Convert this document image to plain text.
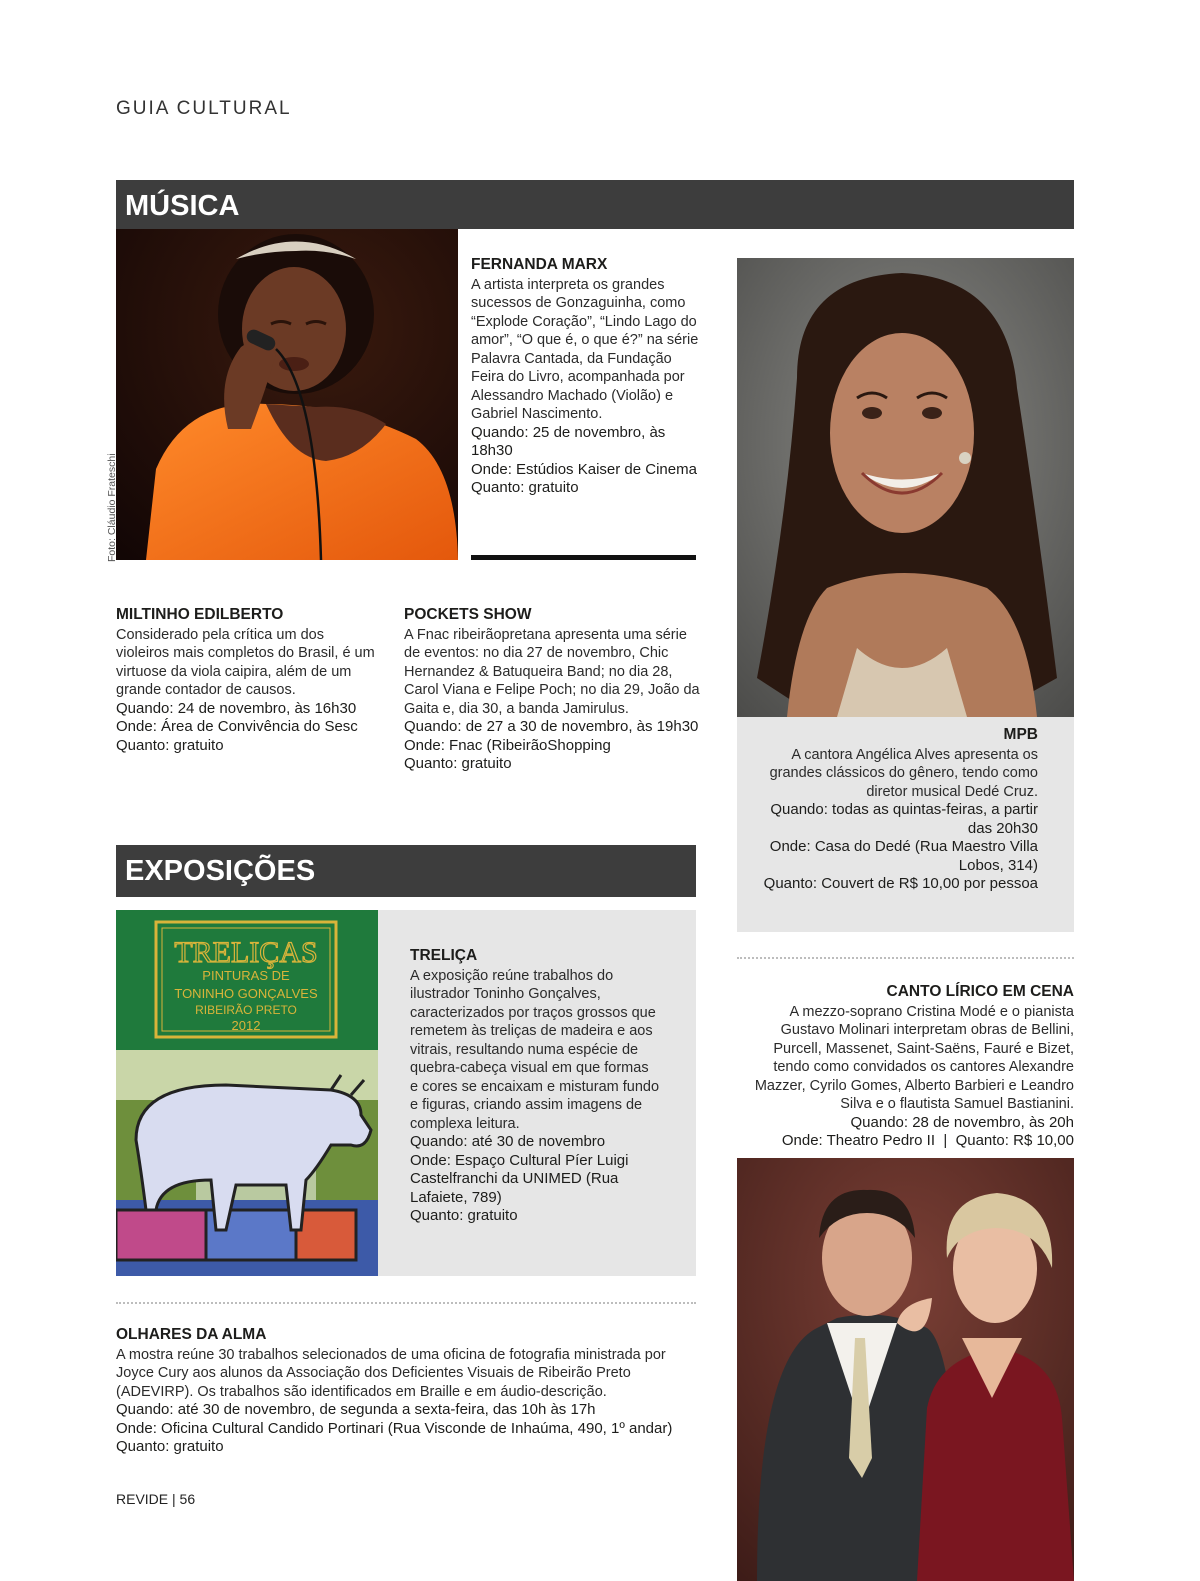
GUIA CULTURAL
MÚSICA
Foto: Cláudio Frateschi
FERNANDA MARX
A artista interpreta os grandes sucessos de Gonzaguinha, como “Explode Coração”, “Lindo Lago do amor”, “O que é, o que é?” na série Palavra Cantada, da Fundação Feira do Livro, acompanhada por Alessandro Machado (Violão) e Gabriel Nascimento.
Quando: 25 de novembro, às 18h30
Onde: Estúdios Kaiser de Cinema
Quanto: gratuito
MILTINHO EDILBERTO
Considerado pela crítica um dos violeiros mais completos do Brasil, é um virtuose da viola caipira, além de um grande contador de causos.
Quando: 24 de novembro, às 16h30
Onde: Área de Convivência do Sesc
Quanto: gratuito
POCKETS SHOW
A Fnac ribeirãopretana apresenta uma série de eventos: no dia 27 de novembro, Chic Hernandez & Batuqueira Band; no dia 28, Carol Viana e Felipe Poch; no dia 29, João da Gaita e, dia 30, a banda Jamirulus.
Quando: de 27 a 30 de novembro, às 19h30
Onde: Fnac (RibeirãoShopping
Quanto: gratuito
MPB
A cantora Angélica Alves apresenta os grandes clássicos do gênero, tendo como diretor musical Dedé Cruz.
Quando: todas as quintas-feiras, a partir das 20h30
Onde: Casa do Dedé (Rua Maestro Villa Lobos, 314)
Quanto: Couvert de R$ 10,00 por pessoa
CANTO LÍRICO EM CENA
A mezzo-soprano Cristina Modé e o pianista Gustavo Molinari interpretam obras de Bellini, Purcell, Massenet, Saint-Saëns, Fauré e Bizet, tendo como convidados os cantores Alexandre Mazzer, Cyrilo Gomes, Alberto Barbieri e Leandro Silva e o flautista Samuel Bastianini.
Quando: 28 de novembro, às 20h
Onde: Theatro Pedro II  |  Quanto: R$ 10,00
EXPOSIÇÕES
TRELIÇAS
PINTURAS DE
TONINHO GONÇALVES
RIBEIRÃO PRETO
2012
TRELIÇA
A exposição reúne trabalhos do ilustrador Toninho Gonçalves, caracterizados por traços grossos que remetem às treliças de madeira e aos vitrais, resultando numa espécie de quebra-cabeça visual em que formas e cores se encaixam e misturam fundo e figuras, criando assim imagens de complexa leitura.
Quando: até 30 de novembro
Onde: Espaço Cultural Píer Luigi Castelfranchi da UNIMED (Rua Lafaiete, 789)
Quanto: gratuito
OLHARES DA ALMA
A mostra reúne 30 trabalhos selecionados de uma oficina de fotografia ministrada por Joyce Cury aos alunos da Associação dos Deficientes Visuais de Ribeirão Preto (ADEVIRP). Os trabalhos são identificados em Braille e em áudio-descrição.
Quando: até 30 de novembro, de segunda a sexta-feira, das 10h às 17h
Onde: Oficina Cultural Candido Portinari (Rua Visconde de Inhaúma, 490, 1º andar)
Quanto: gratuito
REVIDE | 56
